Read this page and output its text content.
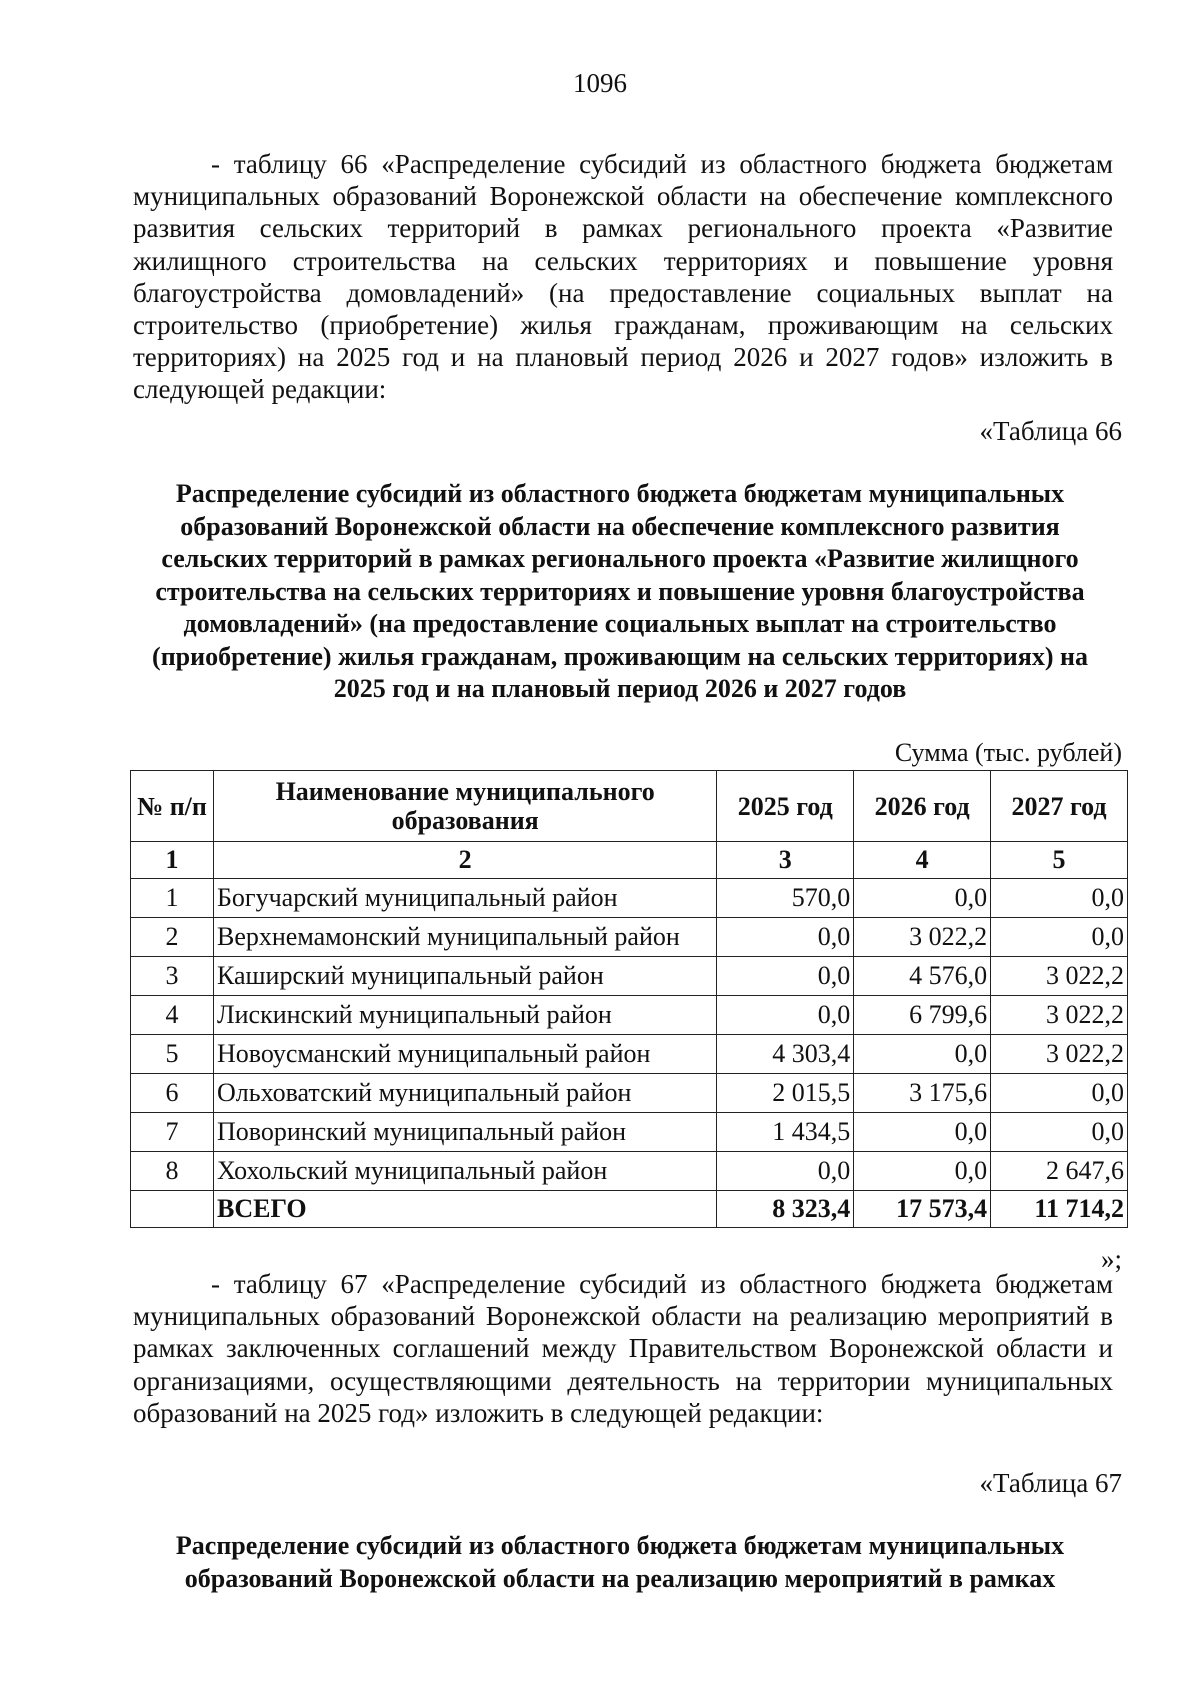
1096

- таблицу 66 «Распределение субсидий из областного бюджета бюджетам муниципальных образований Воронежской области на обеспечение комплексного развития сельских территорий в рамках регионального проекта «Развитие жилищного строительства на сельских территориях и повышение уровня благоустройства домовладений» (на предоставление социальных выплат на строительство (приобретение) жилья гражданам, проживающим на сельских территориях) на 2025 год и на плановый период 2026 и 2027 годов» изложить в следующей редакции:

«Таблица 66
Распределение субсидий из областного бюджета бюджетам муниципальных образований Воронежской области на обеспечение комплексного развития сельских территорий в рамках регионального проекта «Развитие жилищного строительства на сельских территориях и повышение уровня благоустройства домовладений» (на предоставление социальных выплат на строительство (приобретение) жилья гражданам, проживающим на сельских территориях) на 2025 год и на плановый период 2026 и 2027 годов
Сумма (тыс. рублей)
№ п/п	Наименование муниципального образования	2025 год	2026 год	2027 год
1	2	3	4	5
1	Богучарский муниципальный район	570,0	0,0	0,0
2	Верхнемамонский муниципальный район	0,0	3 022,2	0,0
3	Каширский муниципальный район	0,0	4 576,0	3 022,2
4	Лискинский муниципальный район	0,0	6 799,6	3 022,2
5	Новоусманский муниципальный район	4 303,4	0,0	3 022,2
6	Ольховатский муниципальный район	2 015,5	3 175,6	0,0
7	Поворинский муниципальный район	1 434,5	0,0	0,0
8	Хохольский муниципальный район	0,0	0,0	2 647,6
	ВСЕГО	8 323,4	17 573,4	11 714,2
»;

- таблицу 67 «Распределение субсидий из областного бюджета бюджетам муниципальных образований Воронежской области на реализацию мероприятий в рамках заключенных соглашений между Правительством Воронежской области и организациями, осуществляющими деятельность на территории муниципальных образований на 2025 год» изложить в следующей редакции:

«Таблица 67
Распределение субсидий из областного бюджета бюджетам муниципальных образований Воронежской области на реализацию мероприятий в рамках
